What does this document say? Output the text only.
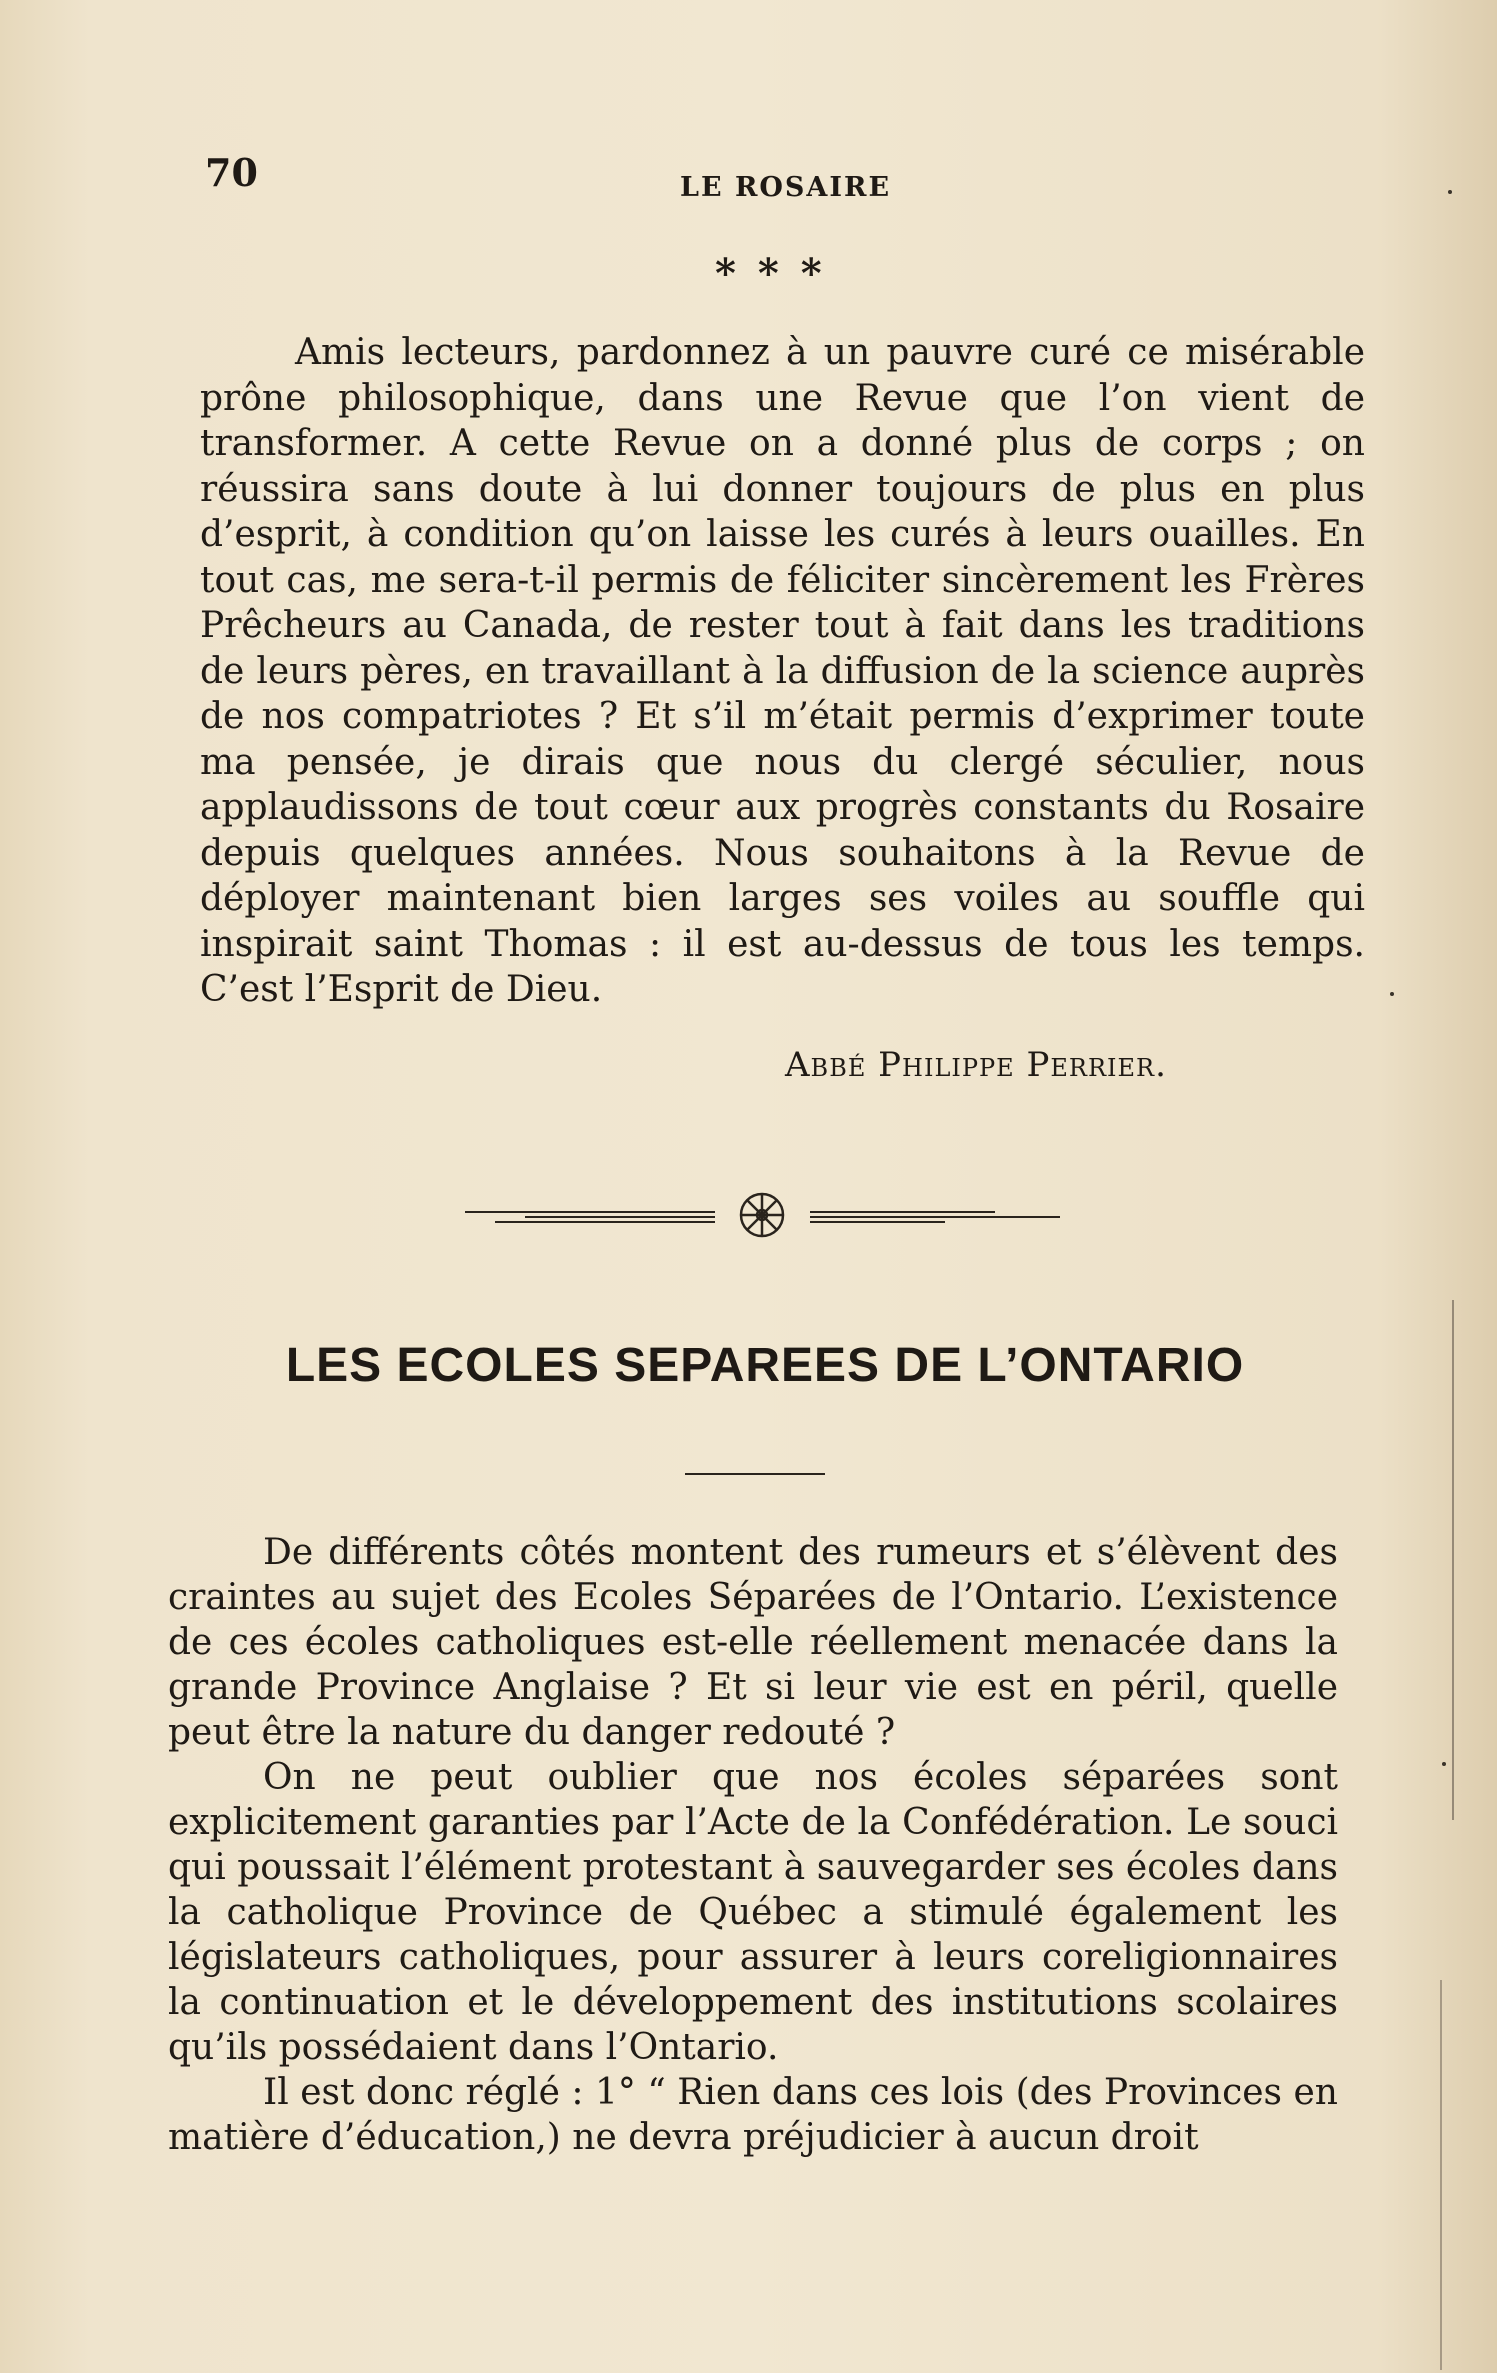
70	LE ROSAIRE
* * *

Amis lecteurs, pardonnez à un pauvre curé ce misérable prône philosophique, dans une Revue que l’on vient de transformer. A cette Revue on a donné plus de corps ; on réussira sans doute à lui donner toujours de plus en plus d’esprit, à condition qu’on laisse les curés à leurs ouailles. En tout cas, me sera-t-il permis de féliciter sincèrement les Frères Prêcheurs au Canada, de rester tout à fait dans les traditions de leurs pères, en travaillant à la diffusion de la science auprès de nos compatriotes ? Et s’il m’était permis d’exprimer toute ma pensée, je dirais que nous du clergé séculier, nous applaudissons de tout cœur aux progrès constants du Rosaire depuis quelques années. Nous souhaitons à la Revue de déployer maintenant bien larges ses voiles au souffle qui inspirait saint Thomas : il est au-dessus de tous les temps. C’est l’Esprit de Dieu.

Abbé Philippe Perrier.
LES ECOLES SEPAREES DE L’ONTARIO

De différents côtés montent des rumeurs et s’élèvent des craintes au sujet des Ecoles Séparées de l’Ontario. L’existence de ces écoles catholiques est-elle réellement menacée dans la grande Province Anglaise ? Et si leur vie est en péril, quelle peut être la nature du danger redouté ?

On ne peut oublier que nos écoles séparées sont explicitement garanties par l’Acte de la Confédération. Le souci qui poussait l’élément protestant à sauvegarder ses écoles dans la catholique Province de Québec a stimulé également les législateurs catholiques, pour assurer à leurs coreligionnaires la continuation et le développement des institutions scolaires qu’ils possédaient dans l’Ontario.

Il est donc réglé : 1° “ Rien dans ces lois (des Provinces en matière d’éducation,) ne devra préjudicier à aucun droit
